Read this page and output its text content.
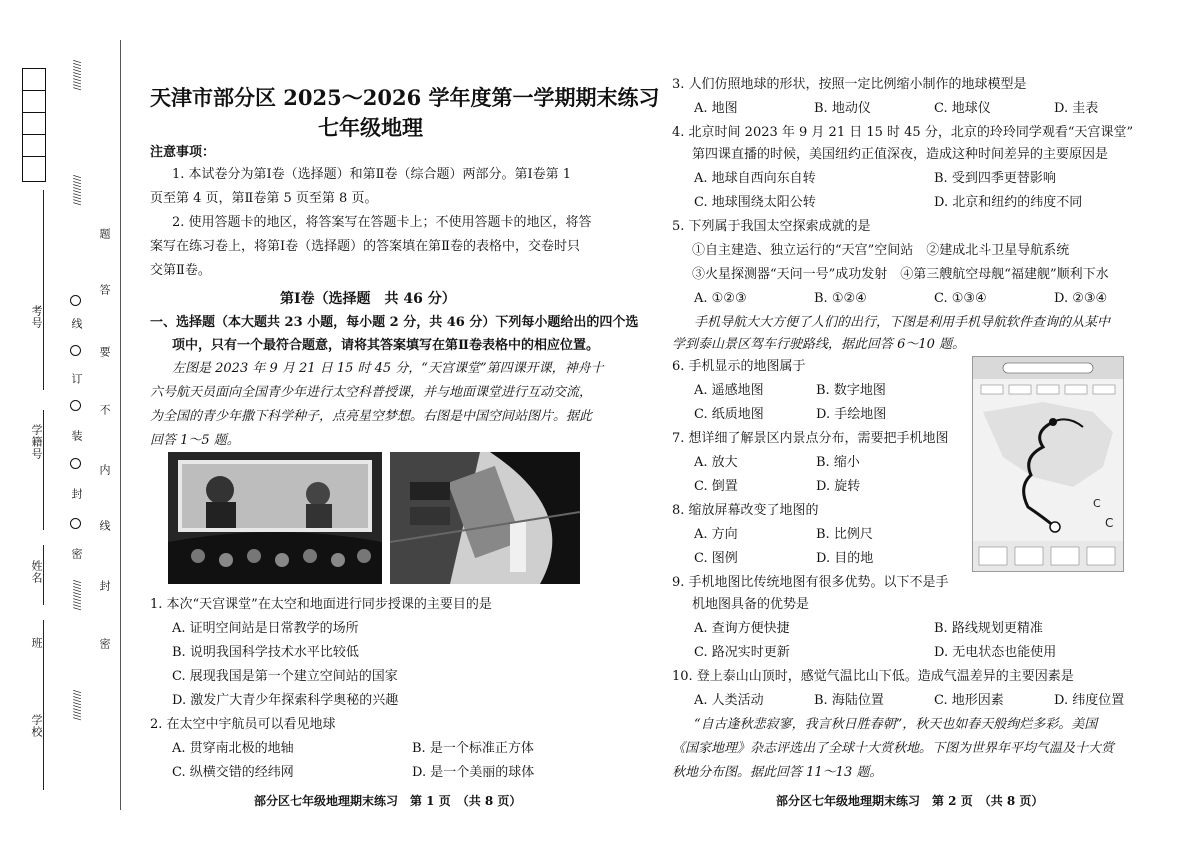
考号
学籍号
姓名
班
学校
//////////
//////////
//////////
//////////
线
订
装
封
密
题
答
要
不
内
线
封
密
天津市部分区 2025～2026 学年度第一学期期末练习
七年级地理
注意事项：
1. 本试卷分为第Ⅰ卷（选择题）和第Ⅱ卷（综合题）两部分。第Ⅰ卷第 1
页至第 4 页，第Ⅱ卷第 5 页至第 8 页。
2. 使用答题卡的地区，将答案写在答题卡上；不使用答题卡的地区，将答
案写在练习卷上，将第Ⅰ卷（选择题）的答案填在第Ⅱ卷的表格中，交卷时只
交第Ⅱ卷。
第Ⅰ卷（选择题　共 46 分）
一、选择题（本大题共 23 小题，每小题 2 分，共 46 分）下列每小题给出的四个选
项中，只有一个最符合题意，请将其答案填写在第Ⅱ卷表格中的相应位置。
左图是 2023 年 9 月 21 日 15 时 45 分，“天宫课堂”第四课开课，神舟十
六号航天员面向全国青少年进行太空科普授课，并与地面课堂进行互动交流，
为全国的青少年撒下科学种子，点亮星空梦想。右图是中国空间站图片。据此
回答 1～5 题。
1. 本次“天宫课堂”在太空和地面进行同步授课的主要目的是
A. 证明空间站是日常教学的场所
B. 说明我国科学技术水平比较低
C. 展现我国是第一个建立空间站的国家
D. 激发广大青少年探索科学奥秘的兴趣
2. 在太空中宇航员可以看见地球
A. 贯穿南北极的地轴	B. 是一个标准正方体
C. 纵横交错的经纬网	D. 是一个美丽的球体
部分区七年级地理期末练习　第 1 页　（共 8 页）
3. 人们仿照地球的形状，按照一定比例缩小制作的地球模型是
A. 地图	B. 地动仪	C. 地球仪	D. 圭表
4. 北京时间 2023 年 9 月 21 日 15 时 45 分，北京的玲玲同学观看“天宫课堂”
第四课直播的时候，美国纽约正值深夜，造成这种时间差异的主要原因是
A. 地球自西向东自转	B. 受到四季更替影响
C. 地球围绕太阳公转	D. 北京和纽约的纬度不同
5. 下列属于我国太空探索成就的是
①自主建造、独立运行的“天宫”空间站　②建成北斗卫星导航系统
③火星探测器“天问一号”成功发射　④第三艘航空母舰“福建舰”顺利下水
A. ①②③	B. ①②④	C. ①③④	D. ②③④
手机导航大大方便了人们的出行，下图是利用手机导航软件查询的从某中
学到泰山景区驾车行驶路线，据此回答 6～10 题。
6. 手机显示的地图属于
A. 遥感地图	B. 数字地图
C. 纸质地图	D. 手绘地图
7. 想详细了解景区内景点分布，需要把手机地图
A. 放大	B. 缩小
C. 倒置	D. 旋转
8. 缩放屏幕改变了地图的
A. 方向	B. 比例尺
C. 图例	D. 目的地
C
C
9. 手机地图比传统地图有很多优势。以下不是手
机地图具备的优势是
A. 查询方便快捷	B. 路线规划更精准
C. 路况实时更新	D. 无电状态也能使用
10. 登上泰山山顶时，感觉气温比山下低。造成气温差异的主要因素是
A. 人类活动	B. 海陆位置	C. 地形因素	D. 纬度位置
“自古逢秋悲寂寥，我言秋日胜春朝”，秋天也如春天般绚烂多彩。美国
《国家地理》杂志评选出了全球十大赏秋地。下图为世界年平均气温及十大赏
秋地分布图。据此回答 11～13 题。
部分区七年级地理期末练习　第 2 页　（共 8 页）
